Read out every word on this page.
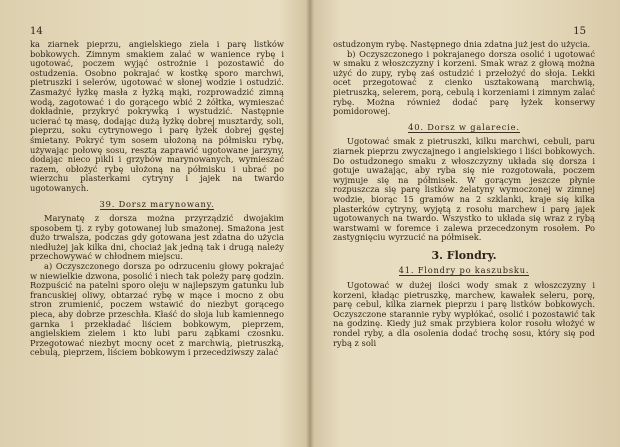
14

ka ziarnek pieprzu, angielskiego ziela i parę listków bobkowych. Zimnym smakiem zalać w wanience rybę i ugotować, poczem wyjąć ostrożnie i pozostawić do ostudzenia. Osobno pokrajać w kostkę sporo marchwi, pietruszki i selerów, ugotować w słonej wodzie i ostudzić. Zasmażyć łyżkę masła z łyżką mąki, rozprowadzić zimną wodą, zagotować i do gorącego wbić 2 żółtka, wymieszać dokładnie, przykryć pokrywką i wystudzić. Następnie ucierać tę masę, dodając dużą łyżkę dobrej musztardy, soli, pieprzu, soku cytrynowego i parę łyżek dobrej gęstej śmietany. Pokryć tym sosem ułożoną na półmisku rybę, używając połowę sosu, resztą zaprawić ugotowane jarzyny, dodając nieco pikli i grzybów marynowanych, wymieszać razem, obłożyć rybę ułożoną na półmisku i ubrać po wierzchu plasterkami cytryny i jajek na twardo ugotowanych.

39. Dorsz marynowany.

Marynatę z dorsza można przyrządzić dwojakim sposobem tj. z ryby gotowanej lub smażonej. Smażona jest dużo trwalsza, podczas gdy gotowana jest zdatna do użycia niedłużej jak kilka dni, chociaż jak jedną tak i drugą należy przechowywać w chłodnem miejscu.

a) Oczyszczonego dorsza po odrzuceniu głowy pokrajać w niewielkie dzwona, posolić i niech tak poleży parę godzin. Rozpuścić na patelni sporo oleju w najlepszym gatunku lub francuskiej oliwy, obtarzać rybę w mące i mocno z obu stron zrumienić, poczem wstawić do niezbyt gorącego pieca, aby dobrze przeschła. Kłaść do słoja lub kamiennego garnka i przekładać liściem bobkowym, pieprzem, angielskiem zielem i kto lubi paru ząbkami czosnku. Przegotować niezbyt mocny ocet z marchwią, pietruszką, cebulą, pieprzem, liściem bobkowym i przecedziwszy zalać

15

ostudzonym rybę. Następnego dnia zdatna już jest do użycia.

b) Oczyszczonego i pokrajanego dorsza osolić i ugotować w smaku z włoszczyzny i korzeni. Smak wraz z głową można użyć do zupy, rybę zaś ostudzić i przełożyć do słoja. Lekki ocet przegotować z cienko usztakowaną marchwią, pietruszką, selerem, porą, cebulą i korzeniami i zimnym zalać rybę. Można również dodać parę łyżek konserwy pomidorowej.

40. Dorsz w galarecie.

Ugotować smak z pietruszki, kilku marchwi, cebuli, paru ziarnek pieprzu zwyczajnego i angielskiego i liści bobkowych. Do ostudzonego smaku z włoszczyzny układa się dorsza i gotuje uważając, aby ryba się nie rozgotowała, poczem wyjmuje się na półmisek. W gorącym jeszcze płynie rozpuszcza się parę listków żelatyny wymoczonej w zimnej wodzie, biorąc 15 gramów na 2 szklanki, kraje się kilka plasterków cytryny, wyjętą z rosołu marchew i parę jajek ugotowanych na twardo. Wszystko to układa się wraz z rybą warstwami w foremce i zalewa przecedzonym rosołem. Po zastygnięciu wyrzucić na półmisek.

3. Flondry.
41. Flondry po kaszubsku.

Ugotować w dużej ilości wody smak z włoszczyzny i korzeni, kładąc pietruszkę, marchew, kawałek seleru, porę, parę cebul, kilka ziarnek pieprzu i parę listków bobkowych. Oczyszczone starannie ryby wypłókać, osolić i pozostawić tak na godzinę. Kiedy już smak przybiera kolor rosołu włożyć w rondel ryby, a dla osolenia dodać trochę sosu, który się pod rybą z soli
